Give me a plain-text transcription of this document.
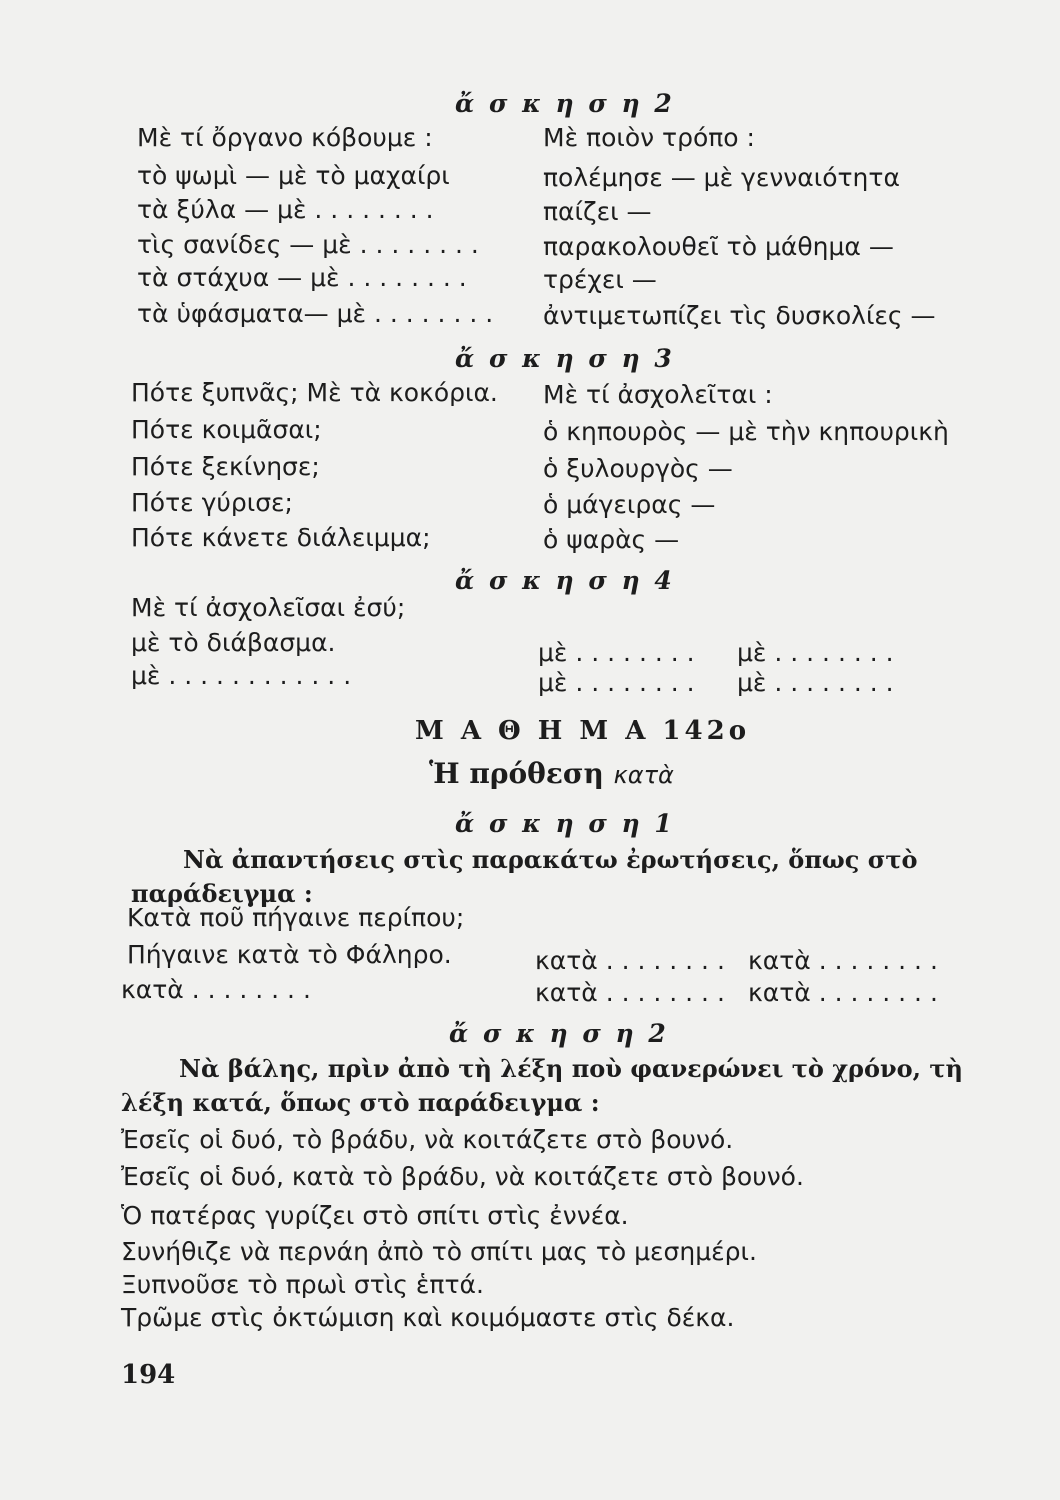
ἄ σ κ η σ η 2
Μὲ τί ὄργανο κόβουμε :	Μὲ ποιὸν τρόπο :
τὸ ψωμὶ — μὲ τὸ μαχαίρι
τὰ ξύλα — μὲ . . . . . . . .
τὶς σανίδες — μὲ . . . . . . . .
τὰ στάχυα — μὲ . . . . . . . .
τὰ ὑφάσματα— μὲ . . . . . . . .
πολέμησε — μὲ γενναιότητα
παίζει —
παρακολουθεῖ τὸ μάθημα —
τρέχει —
ἀντιμετωπίζει τὶς δυσκολίες —
ἄ σ κ η σ η 3
Πότε ξυπνᾶς; Μὲ τὰ κοκόρια.
Πότε κοιμᾶσαι;
Πότε ξεκίνησε;
Πότε γύρισε;
Πότε κάνετε διάλειμμα;
Μὲ τί ἀσχολεῖται :
ὁ κηπουρὸς — μὲ τὴν κηπουρικὴ
ὁ ξυλουργὸς —
ὁ μάγειρας —
ὁ ψαρὰς —
ἄ σ κ η σ η 4
Μὲ τί ἀσχολεῖσαι ἐσύ;
μὲ τὸ διάβασμα.
μὲ . . . . . . . . . . . .
μὲ . . . . . . . . μὲ . . . . . . . .
μὲ . . . . . . . . μὲ . . . . . . . .
Μ Α Θ Η Μ Α 142ο
Ἡ πρόθεση κατὰ
ἄ σ κ η σ η 1
Νὰ ἀπαντήσεις στὶς παρακάτω ἐρωτήσεις, ὅπως στὸ παράδειγμα :
Κατὰ ποῦ πήγαινε περίπου;
Πήγαινε κατὰ τὸ Φάληρο.
κατὰ . . . . . . . .
κατὰ . . . . . . . . κατὰ . . . . . . . .
κατὰ . . . . . . . . κατὰ . . . . . . . .
ἄ σ κ η σ η 2
Νὰ βάλης, πρὶν ἀπὸ τὴ λέξη ποὺ φανερώνει τὸ χρόνο, τὴ λέξη κατά, ὅπως στὸ παράδειγμα :
Ἐσεῖς οἱ δυό, τὸ βράδυ, νὰ κοιτάζετε στὸ βουνό.
Ἐσεῖς οἱ δυό, κατὰ τὸ βράδυ, νὰ κοιτάζετε στὸ βουνό.
Ὁ πατέρας γυρίζει στὸ σπίτι στὶς ἐννέα.
Συνήθιζε νὰ περνάη ἀπὸ τὸ σπίτι μας τὸ μεσημέρι.
Ξυπνοῦσε τὸ πρωὶ στὶς ἑπτά.
Τρῶμε στὶς ὀκτώμιση καὶ κοιμόμαστε στὶς δέκα.
194
